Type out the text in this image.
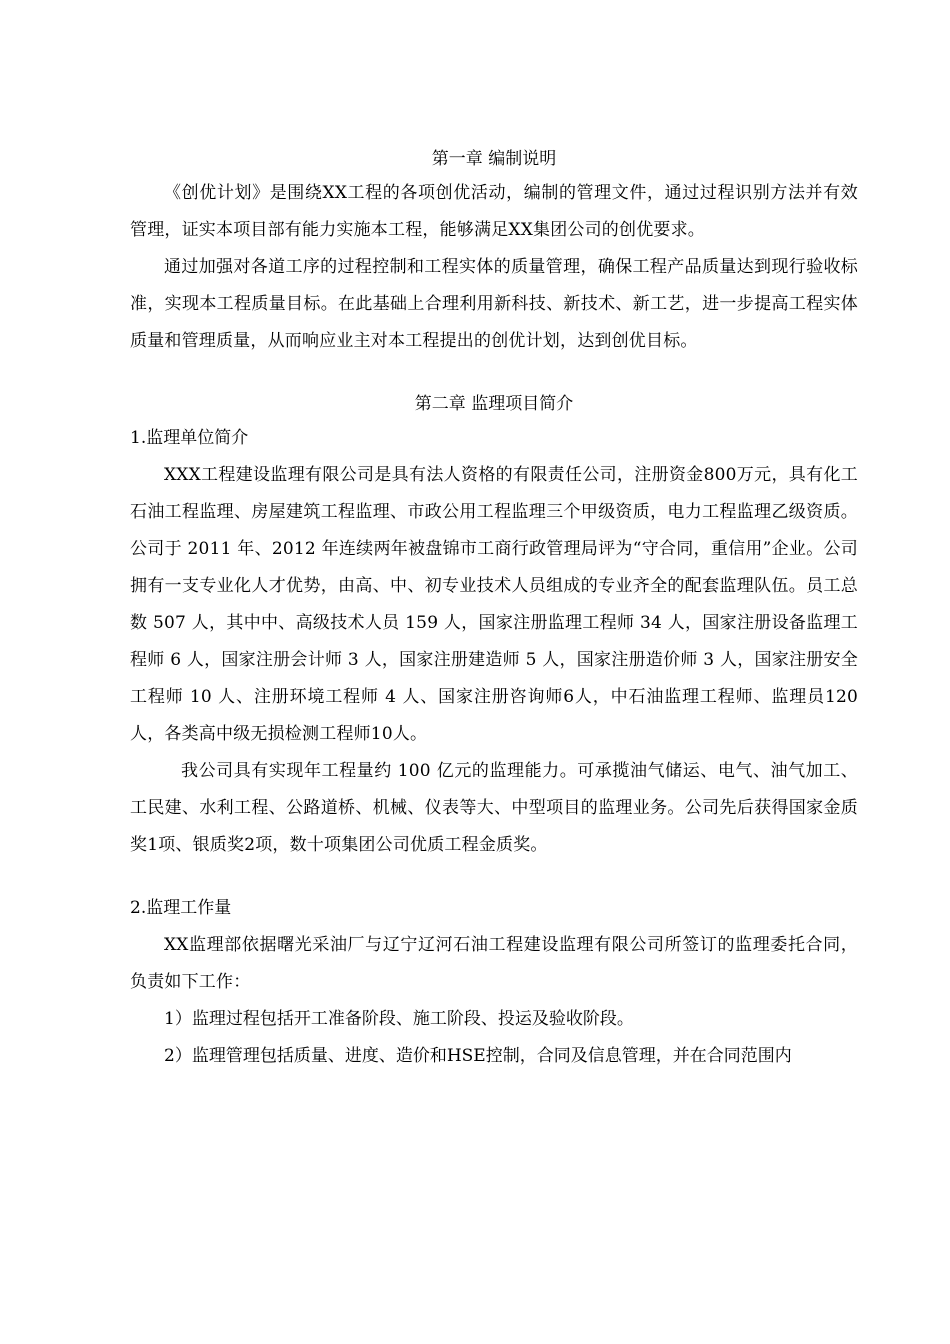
第一章 编制说明

《创优计划》是围绕XX工程的各项创优活动，编制的管理文件，通过过程识别方法并有效管理，证实本项目部有能力实施本工程，能够满足XX集团公司的创优要求。

通过加强对各道工序的过程控制和工程实体的质量管理，确保工程产品质量达到现行验收标准，实现本工程质量目标。在此基础上合理利用新科技、新技术、新工艺，进一步提高工程实体质量和管理质量，从而响应业主对本工程提出的创优计划，达到创优目标。

第二章 监理项目简介

1.监理单位简介

XXX工程建设监理有限公司是具有法人资格的有限责任公司，注册资金800万元，具有化工石油工程监理、房屋建筑工程监理、市政公用工程监理三个甲级资质，电力工程监理乙级资质。公司于 2011 年、2012 年连续两年被盘锦市工商行政管理局评为“守合同，重信用”企业。公司拥有一支专业化人才优势，由高、中、初专业技术人员组成的专业齐全的配套监理队伍。员工总数 507 人，其中中、高级技术人员 159 人，国家注册监理工程师 34 人，国家注册设备监理工程师 6 人，国家注册会计师 3 人，国家注册建造师 5 人，国家注册造价师 3 人，国家注册安全工程师 10 人、注册环境工程师 4 人、国家注册咨询师6人，中石油监理工程师、监理员120人，各类高中级无损检测工程师10人。

我公司具有实现年工程量约 100 亿元的监理能力。可承揽油气储运、电气、油气加工、工民建、水利工程、公路道桥、机械、仪表等大、中型项目的监理业务。公司先后获得国家金质奖1项、银质奖2项，数十项集团公司优质工程金质奖。

2.监理工作量

XX监理部依据曙光采油厂与辽宁辽河石油工程建设监理有限公司所签订的监理委托合同，负责如下工作：

1）监理过程包括开工准备阶段、施工阶段、投运及验收阶段。

2）监理管理包括质量、进度、造价和HSE控制，合同及信息管理，并在合同范围内
